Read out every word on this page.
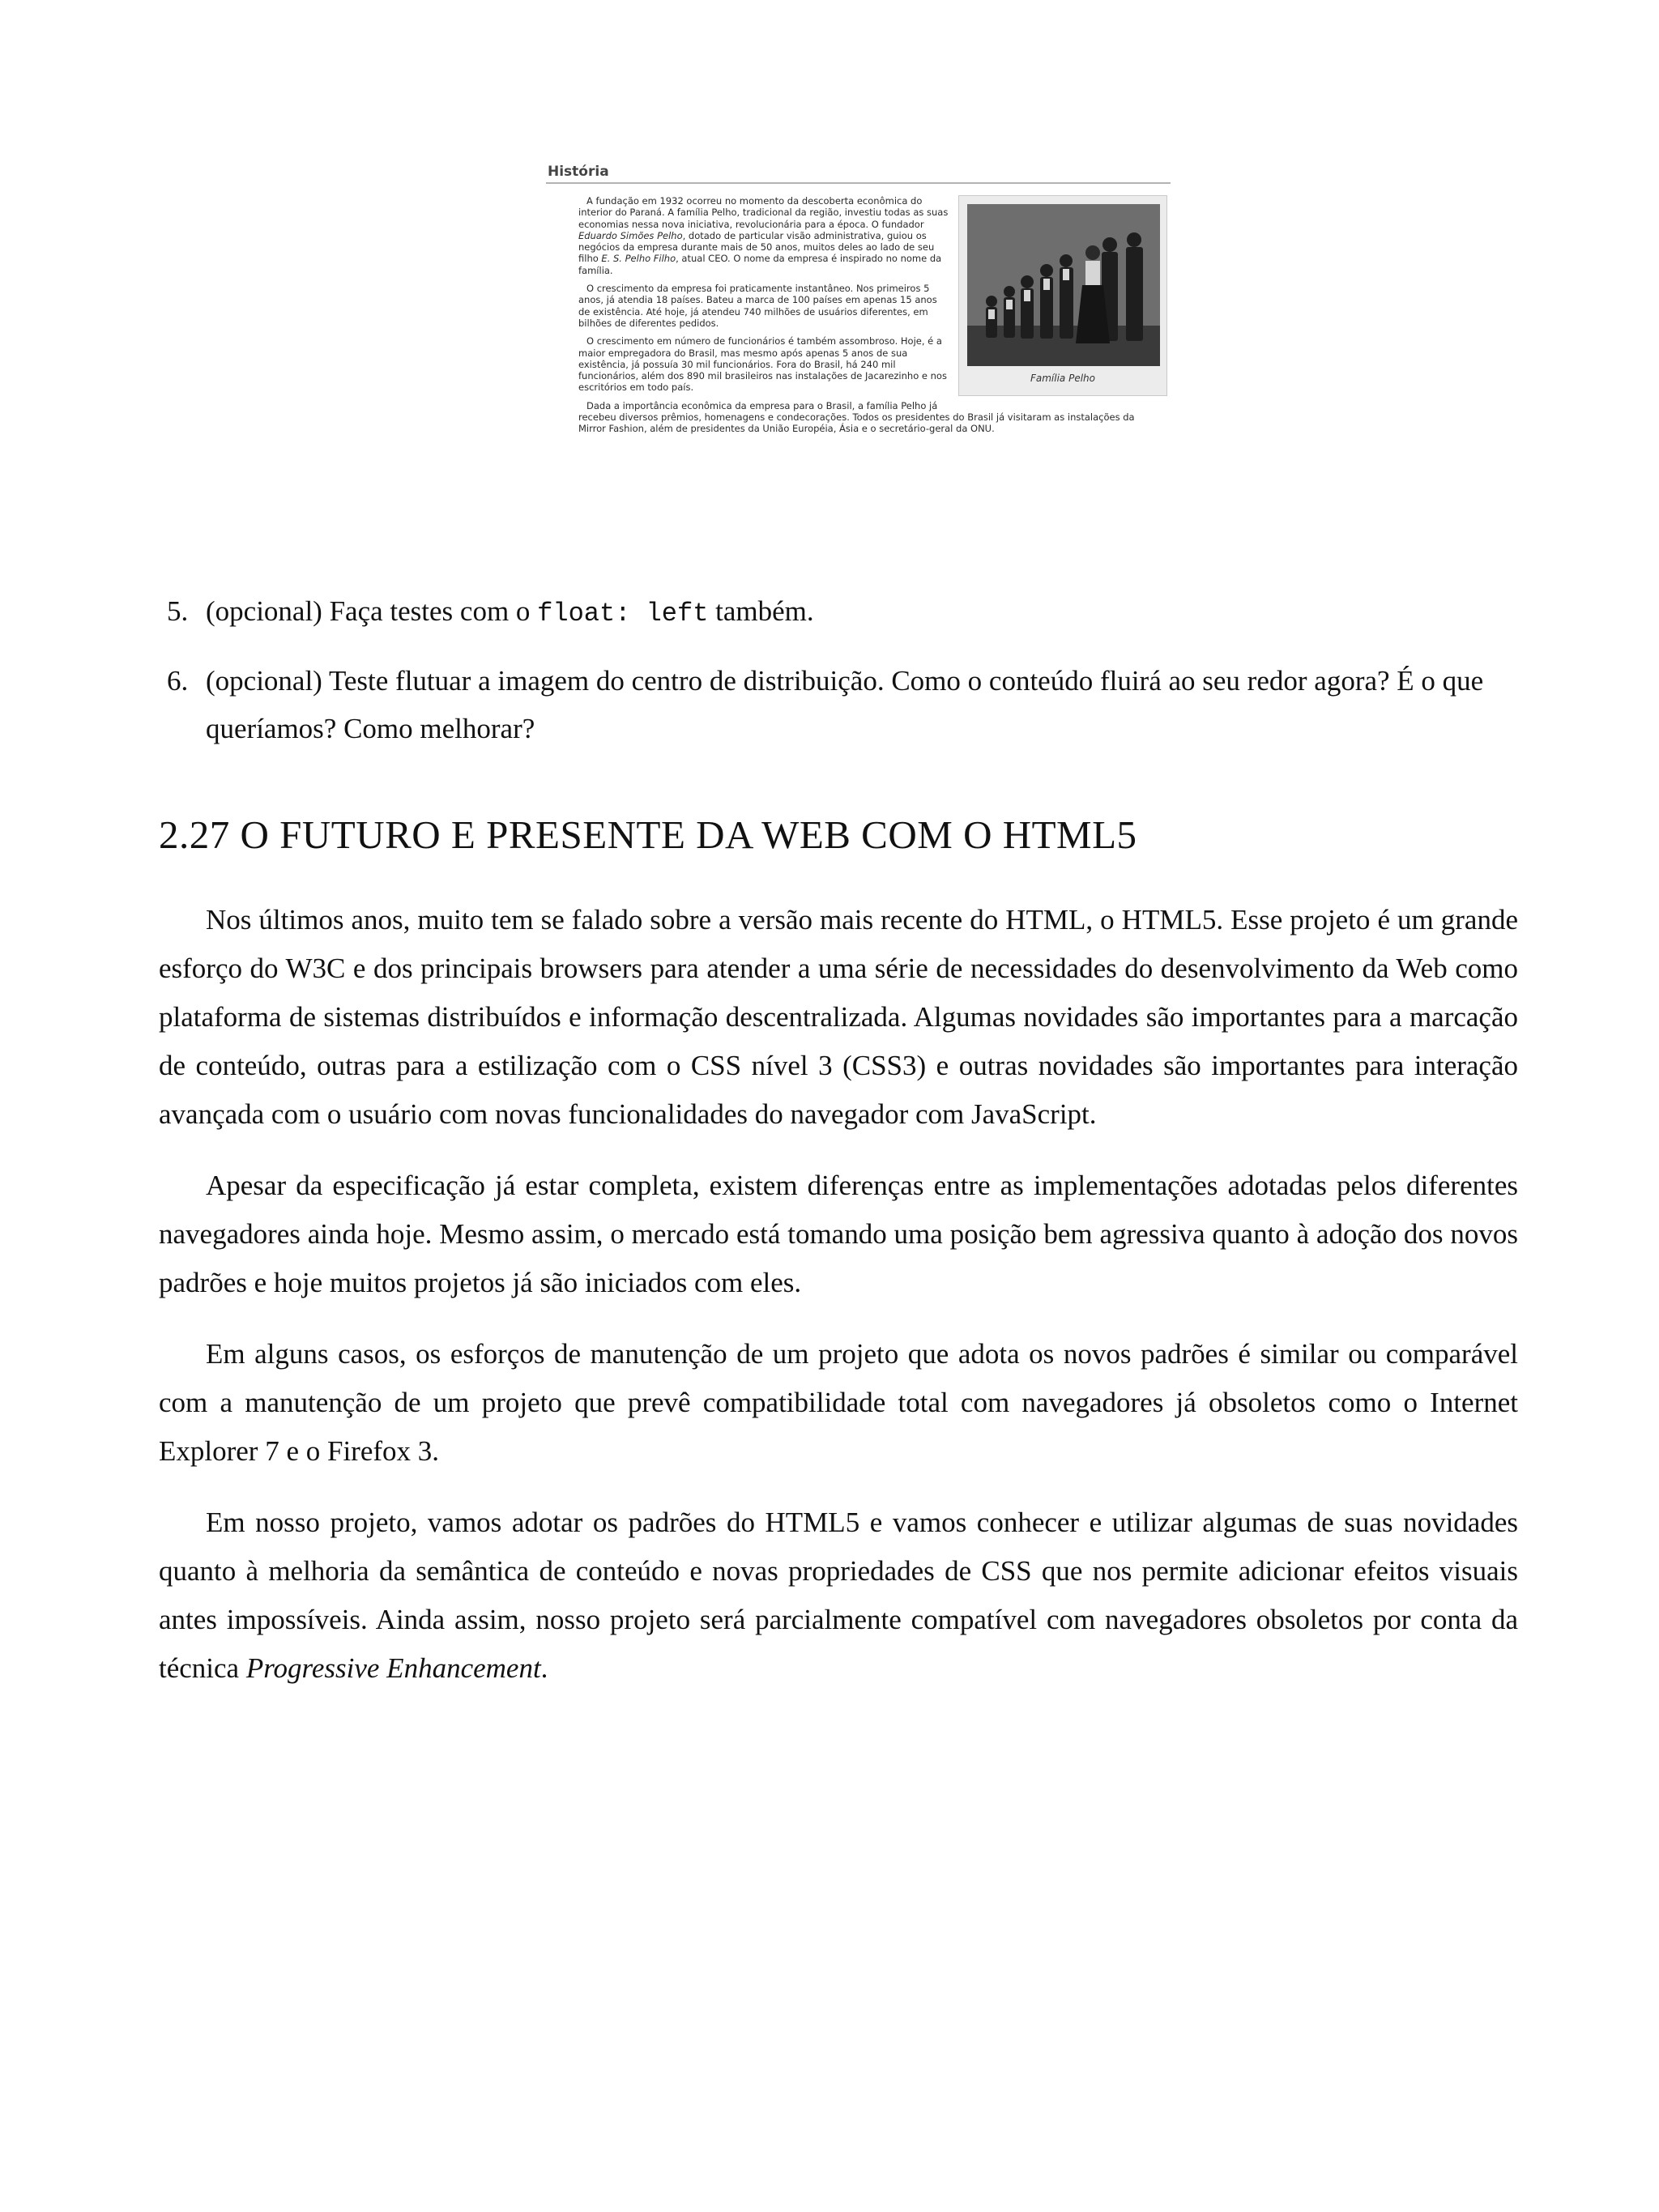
História
Família Pelho

A fundação em 1932 ocorreu no momento da descoberta econômica do interior do Paraná. A família Pelho, tradicional da região, investiu todas as suas economias nessa nova iniciativa, revolucionária para a época. O fundador Eduardo Simões Pelho, dotado de particular visão administrativa, guiou os negócios da empresa durante mais de 50 anos, muitos deles ao lado de seu filho E. S. Pelho Filho, atual CEO. O nome da empresa é inspirado no nome da família.

O crescimento da empresa foi praticamente instantâneo. Nos primeiros 5 anos, já atendia 18 países. Bateu a marca de 100 países em apenas 15 anos de existência. Até hoje, já atendeu 740 milhões de usuários diferentes, em bilhões de diferentes pedidos.

O crescimento em número de funcionários é também assombroso. Hoje, é a maior empregadora do Brasil, mas mesmo após apenas 5 anos de sua existência, já possuía 30 mil funcionários. Fora do Brasil, há 240 mil funcionários, além dos 890 mil brasileiros nas instalações de Jacarezinho e nos escritórios em todo país.

Dada a importância econômica da empresa para o Brasil, a família Pelho já recebeu diversos prêmios, homenagens e condecorações. Todos os presidentes do Brasil já visitaram as instalações da Mirror Fashion, além de presidentes da União Européia, Ásia e o secretário-geral da ONU.

5. (opcional) Faça testes com o float: left também.
6. (opcional) Teste flutuar a imagem do centro de distribuição. Como o conteúdo fluirá ao seu redor agora? É o que queríamos? Como melhorar?
2.27 O FUTURO E PRESENTE DA WEB COM O HTML5

Nos últimos anos, muito tem se falado sobre a versão mais recente do HTML, o HTML5. Esse projeto é um grande esforço do W3C e dos principais browsers para atender a uma série de necessidades do desenvolvimento da Web como plataforma de sistemas distribuídos e informação descentralizada. Algumas novidades são importantes para a marcação de conteúdo, outras para a estilização com o CSS nível 3 (CSS3) e outras novidades são importantes para interação avançada com o usuário com novas funcionalidades do navegador com JavaScript.

Apesar da especificação já estar completa, existem diferenças entre as implementações adotadas pelos diferentes navegadores ainda hoje. Mesmo assim, o mercado está tomando uma posição bem agressiva quanto à adoção dos novos padrões e hoje muitos projetos já são iniciados com eles.

Em alguns casos, os esforços de manutenção de um projeto que adota os novos padrões é similar ou comparável com a manutenção de um projeto que prevê compatibilidade total com navegadores já obsoletos como o Internet Explorer 7 e o Firefox 3.

Em nosso projeto, vamos adotar os padrões do HTML5 e vamos conhecer e utilizar algumas de suas novidades quanto à melhoria da semântica de conteúdo e novas propriedades de CSS que nos permite adicionar efeitos visuais antes impossíveis. Ainda assim, nosso projeto será parcialmente compatível com navegadores obsoletos por conta da técnica Progressive Enhancement.
